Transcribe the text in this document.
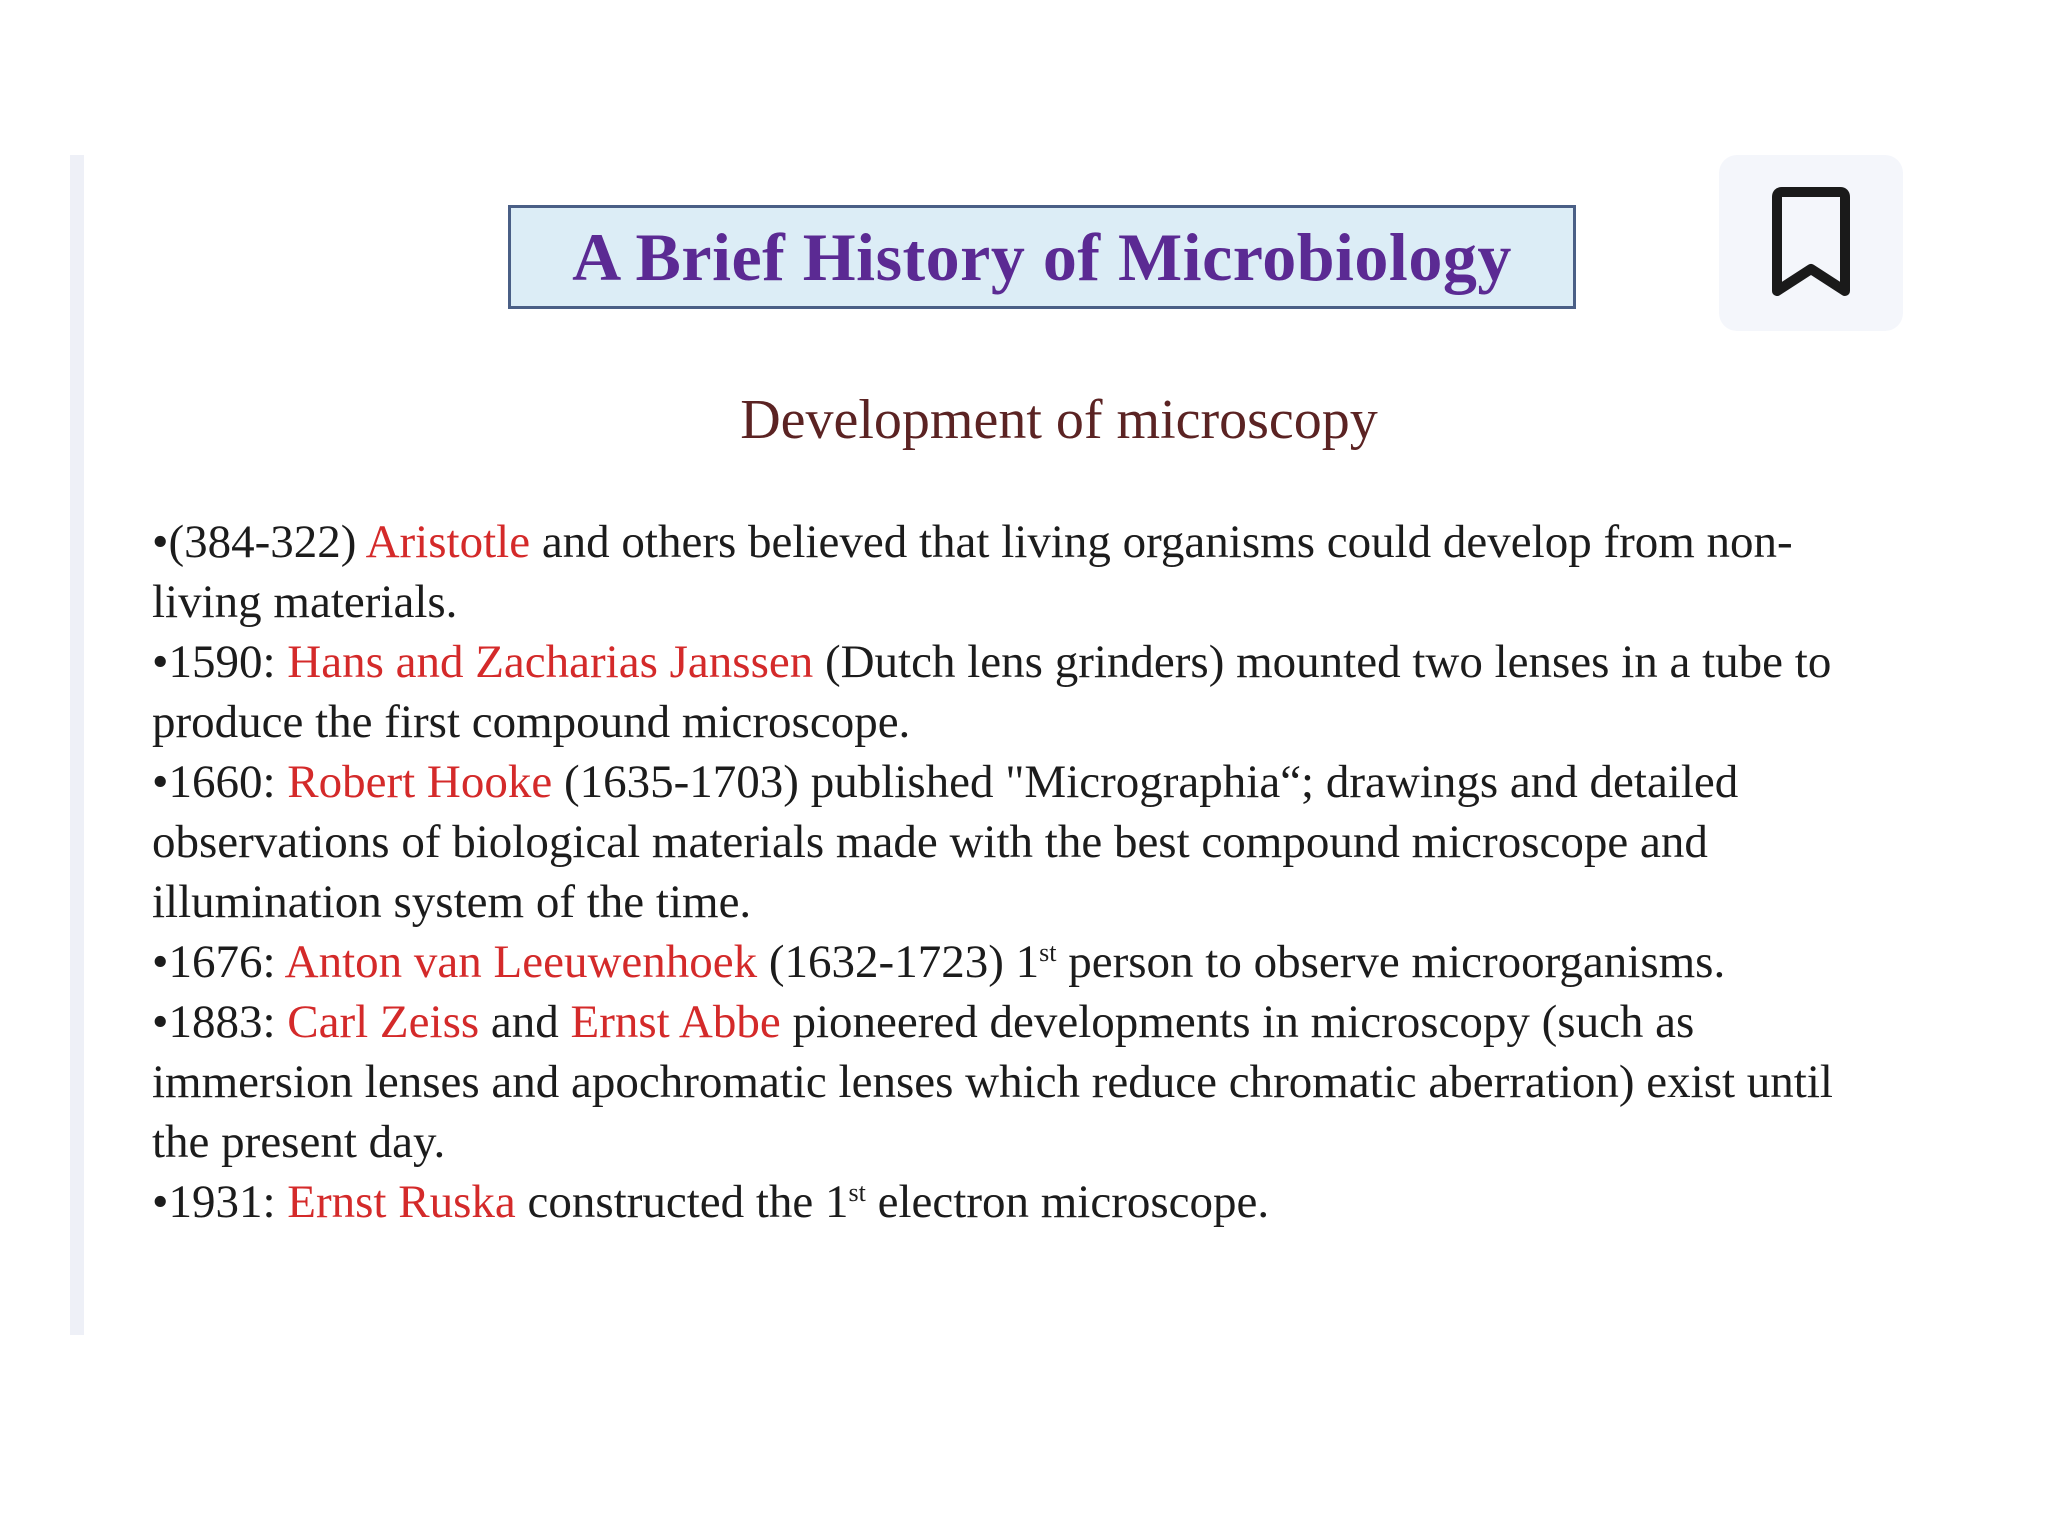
A Brief History of Microbiology
Development of microscopy

•(384-322) Aristotle and others believed that living organisms could develop from non-living materials.

•1590: Hans and Zacharias Janssen (Dutch lens grinders) mounted two lenses in a tube to produce the first compound microscope.

•1660: Robert Hooke (1635-1703) published "Micrographia“; drawings and detailed observations of biological materials made with the best compound microscope and illumination system of the time.

•1676: Anton van Leeuwenhoek (1632-1723) 1st person to observe microorganisms.

•1883: Carl Zeiss and Ernst Abbe pioneered developments in microscopy (such as immersion lenses and apochromatic lenses which reduce chromatic aberration) exist until the present day.

•1931: Ernst Ruska constructed the 1st electron microscope.
